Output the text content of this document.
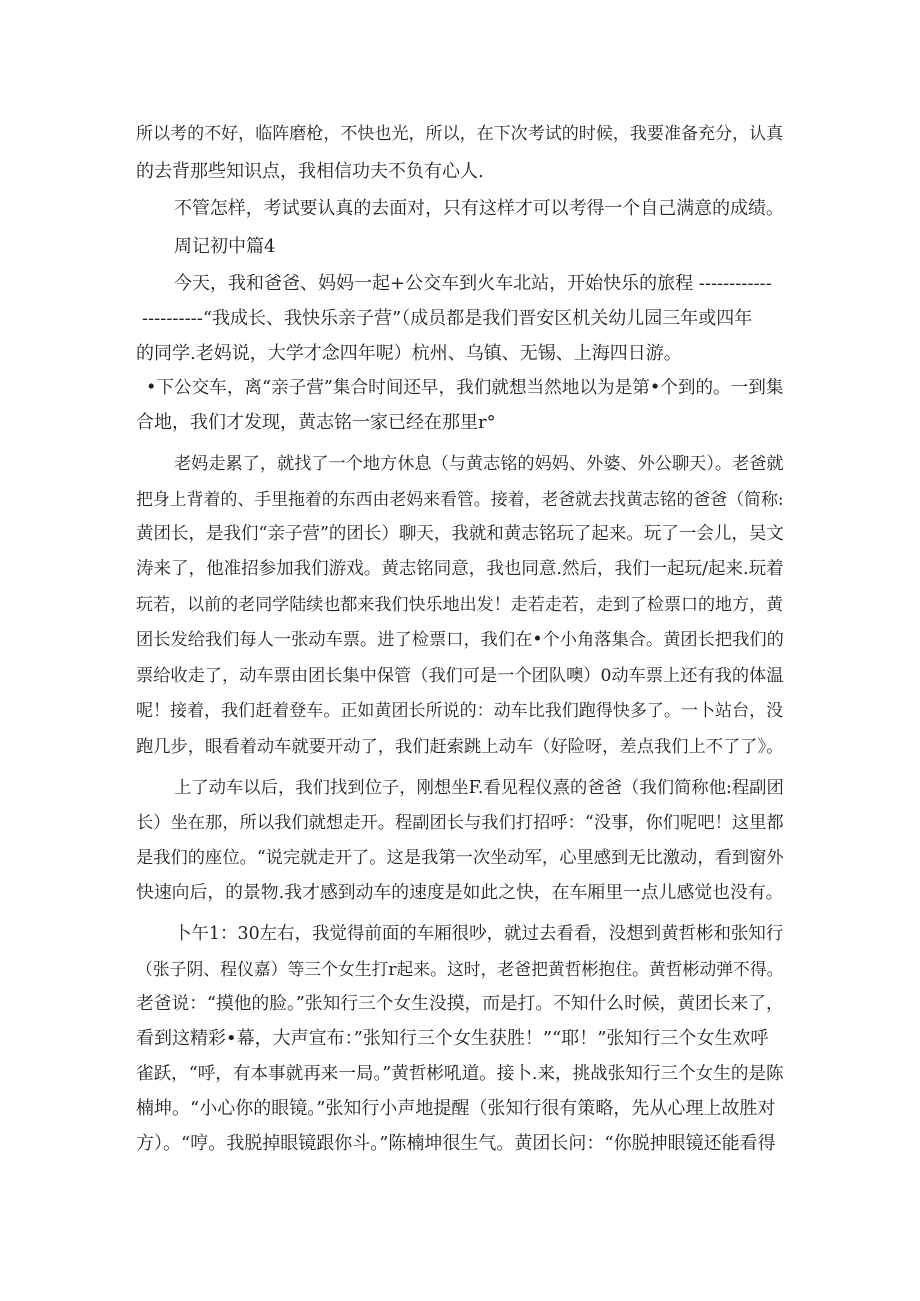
所以考的不好，临阵磨枪，不快也光，所以，在下次考试的时候，我要准备充分，认真
的去背那些知识点，我相信功夫不负有心人.
不管怎样，考试要认真的去面对，只有这样才可以考得一个自己满意的成绩。
周记初中篇4
今天，我和爸爸、妈妈一起+公交车到火车北站，开始快乐的旅程 ------------
----------“我成长、我快乐亲子营”（成员都是我们晋安区机关幼儿园三年或四年
的同学.老妈说，大学才念四年呢）杭州、乌镇、无锡、上海四日游。
•下公交车，离“亲子营”集合时间还早，我们就想当然地以为是第•个到的。一到集
合地，我们才发现，黄志铭一家已经在那里r°
老妈走累了，就找了一个地方休息（与黄志铭的妈妈、外婆、外公聊天）。老爸就
把身上背着的、手里拖着的东西由老妈来看管。接着，老爸就去找黄志铭的爸爸（简称:
黄团长，是我们“亲子营”的团长）聊天，我就和黄志铭玩了起来。玩了一会儿，吴文
涛来了，他准招参加我们游戏。黄志铭同意，我也同意.然后，我们一起玩/起来.玩着
玩若，以前的老同学陆续也都来我们快乐地出发！走若走若，走到了检票口的地方，黄
团长发给我们每人一张动车票。进了检票口，我们在•个小角落集合。黄团长把我们的
票给收走了，动车票由团长集中保管（我们可是一个团队噢）0动车票上还有我的体温
呢！接着，我们赶着登车。正如黄团长所说的：动车比我们跑得快多了。一卜站台，没
跑几步，眼看着动车就要开动了，我们赶索跳上动车（好险呀，差点我们上不了了》。
上了动车以后，我们找到位子，刚想坐F.看见程仪熹的爸爸（我们简称他:程副团
长）坐在那，所以我们就想走开。程副团长与我们打招呼：“没事，你们呢吧！这里都
是我们的座位。“说完就走开了。这是我第一次坐动军，心里感到无比激动，看到窗外
快速向后，的景物.我才感到动车的速度是如此之快，在车厢里一点儿感觉也没有。
卜午1：30左右，我觉得前面的车厢很吵，就过去看看，没想到黄哲彬和张知行
（张子阴、程仪嘉）等三个女生打r起来。这时，老爸把黄哲彬抱住。黄哲彬动弹不得。
老爸说：“摸他的脸。”张知行三个女生没摸，而是打。不知什么时候，黄团长来了，
看到这精彩•幕，大声宣布：”张知行三个女生获胜！”“耶！”张知行三个女生欢呼
雀跃，“呼，有本事就再来一局。”黄哲彬吼道。接卜.来，挑战张知行三个女生的是陈
楠坤。“小心你的眼镜。”张知行小声地提醒（张知行很有策略，先从心理上故胜对
方）。“哼。我脱掉眼镜跟你斗。”陈楠坤很生气。黄团长问：“你脱抻眼镜还能看得
